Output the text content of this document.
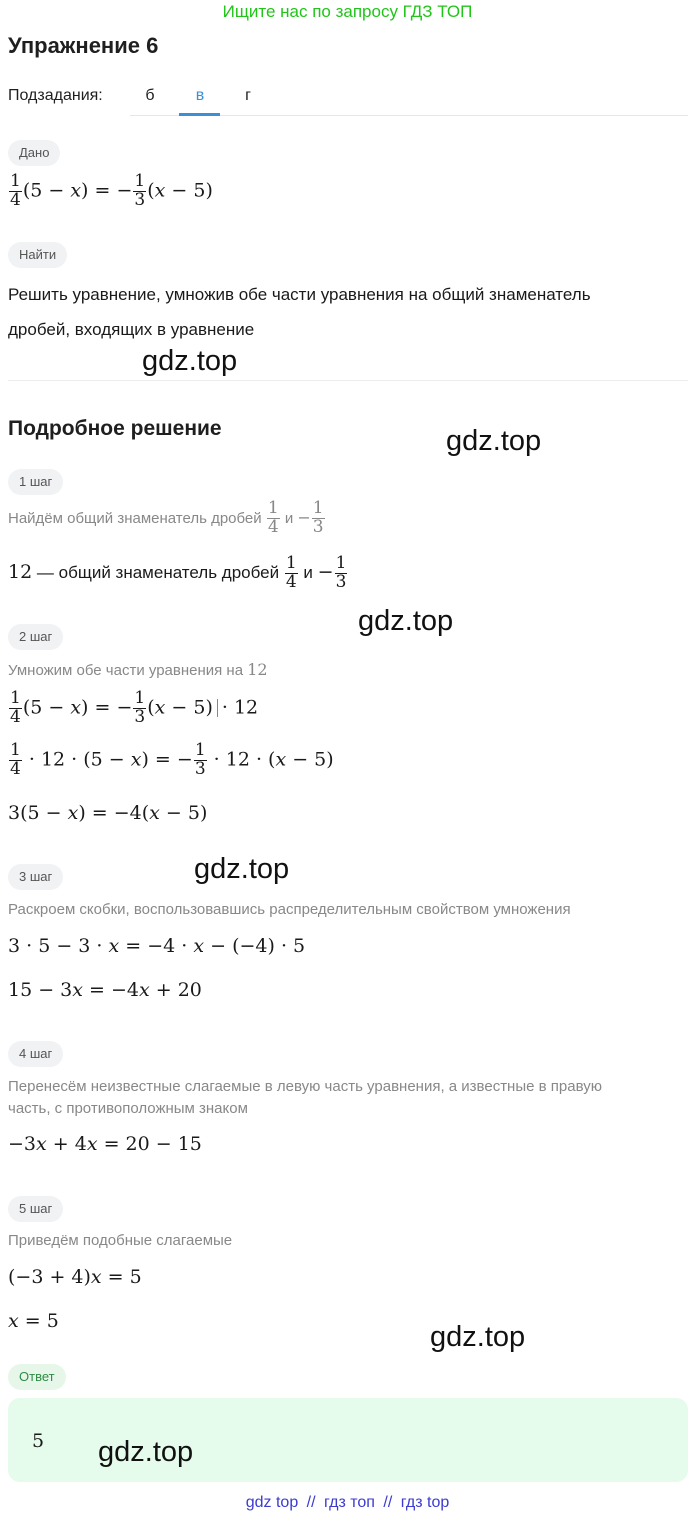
Ищите нас по запросу ГДЗ ТОП
Упражнение 6
Подзадания:	б	в	г
Дано
$\frac{1}{4} (5 - x)$ = − $\frac{1}{3} (x - 5)$
Найти
Решить уравнение, умножив обе части уравнения на общий знаменатель
дробей, входящих в уравнение
gdz.top
Подробное решение	gdz.top
1 шаг
Найдём общий знаменатель дробей $\frac{1}{4}$ $и - \frac{1}{3}$
12 — общий знаменатель дробей $\frac{1}{4}$ $и - \frac{1}{3}$
gdz.top
2 шаг
Умножим обе части уравнения на 12
$\frac{1}{4} (5 - x)$ = − $\frac{1}{3} (x - 5) \cdot 12$
$\frac{1}{4} \cdot 12 \cdot (5 - x)$ = − $\frac{1}{3} \cdot 12 \cdot (x - 5)$
3(5 − x) = −4(x − 5)
gdz.top
3 шаг
Раскроем скобки, воспользовавшись распределительным свойством умножения
3 · 5 − 3 · x = −4 · x − (−4) · 5
15 − 3x = −4x + 20
4 шаг
Перенесём неизвестные слагаемые в левую часть уравнения, а известные в правую
часть, с противоположным знаком
−3x + 4x = 20 − 15
5 шаг
Приведём подобные слагаемые
(−3 + 4)x = 5
x = 5	gdz.top
Ответ
5 gdz.top
gdz top // гдз топ // гдз top
